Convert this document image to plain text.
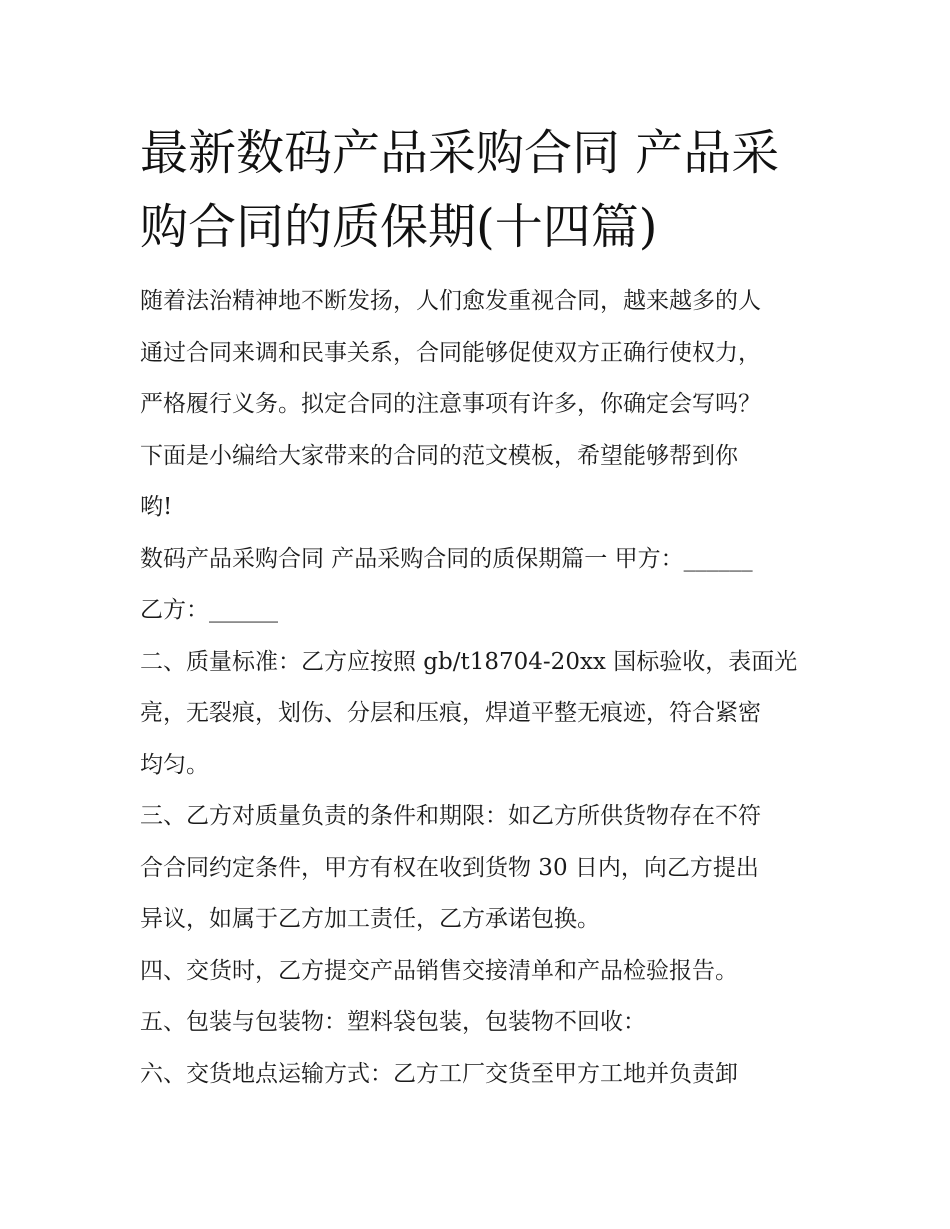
最新数码产品采购合同 产品采
购合同的质保期(十四篇)
随着法治精神地不断发扬，人们愈发重视合同，越来越多的人
通过合同来调和民事关系，合同能够促使双方正确行使权力，
严格履行义务。拟定合同的注意事项有许多，你确定会写吗？
下面是小编给大家带来的合同的范文模板，希望能够帮到你
哟!
数码产品采购合同 产品采购合同的质保期篇一 甲方：______
乙方：______
二、质量标准：乙方应按照 gb/t18704-20xx 国标验收，表面光
亮，无裂痕，划伤、分层和压痕，焊道平整无痕迹，符合紧密
均匀。
三、乙方对质量负责的条件和期限：如乙方所供货物存在不符
合合同约定条件，甲方有权在收到货物 30 日内，向乙方提出
异议，如属于乙方加工责任，乙方承诺包换。
四、交货时，乙方提交产品销售交接清单和产品检验报告。
五、包装与包装物：塑料袋包装，包装物不回收：
六、交货地点运输方式：乙方工厂交货至甲方工地并负责卸
